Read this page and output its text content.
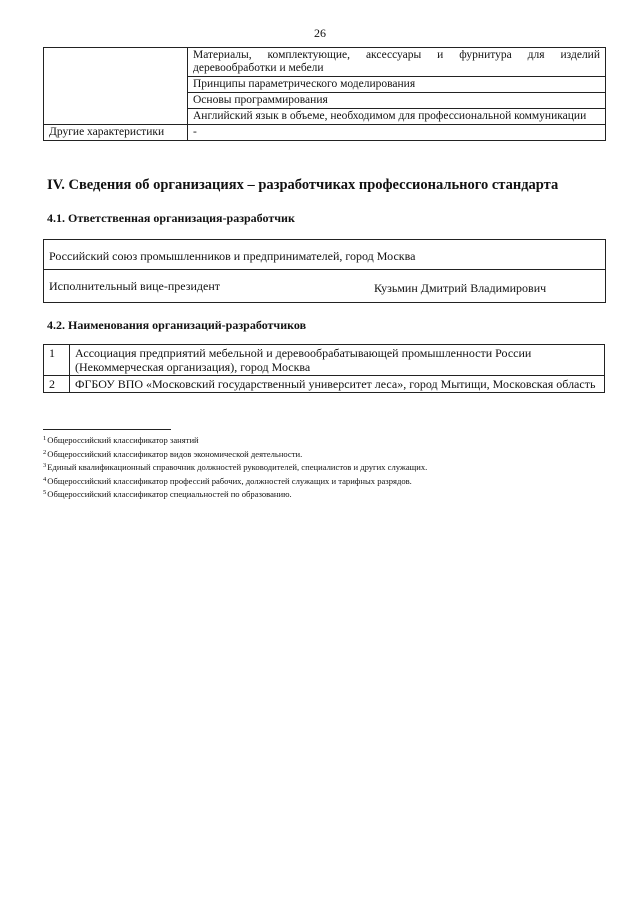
26
	Материалы, комплектующие, аксессуары и фурнитура для изделий деревообработки и мебели
	Принципы параметрического моделирования
	Основы программирования
	Английский язык в объеме, необходимом для профессиональной коммуникации
Другие характеристики	-
IV. Сведения об организациях – разработчиках профессионального стандарта
4.1. Ответственная организация-разработчик
Российский союз промышленников и предпринимателей, город Москва
Исполнительный вице-президент	Кузьмин Дмитрий Владимирович
4.2. Наименования организаций-разработчиков
1	Ассоциация предприятий мебельной и деревообрабатывающей промышленности России (Некоммерческая организация), город Москва
2	ФГБОУ ВПО «Московский государственный университет леса», город Мытищи, Московская область
$^1$Общероссийский классификатор занятий
$^2$Общероссийский классификатор видов экономической деятельности.
$^3$Единый квалификационный справочник должностей руководителей, специалистов и других служащих.
$^4$Общероссийский классификатор профессий рабочих, должностей служащих и тарифных разрядов.
$^5$Общероссийский классификатор специальностей по образованию.
